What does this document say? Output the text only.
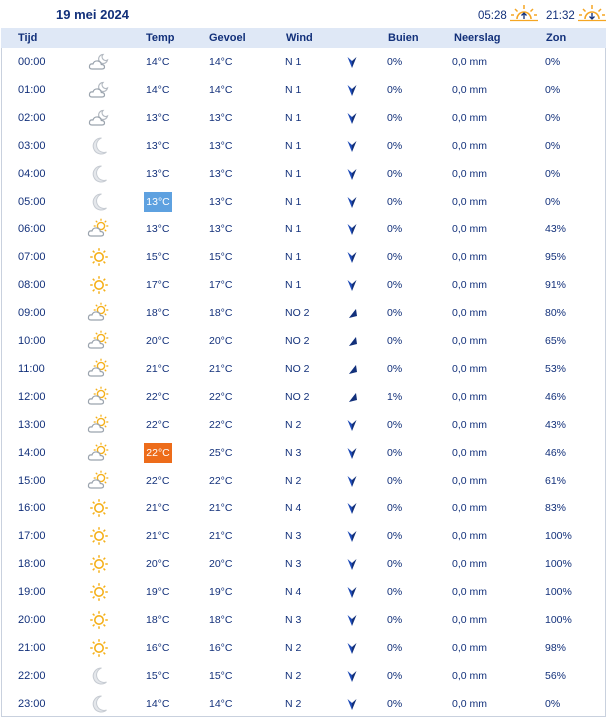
19 mei 2024	05:28	21:32
Tijd	Temp	Gevoel	Wind	Buien	Neerslag	Zon
00:00	14°C	14°C	N 1	0%	0,0 mm	0%
01:00	14°C	14°C	N 1	0%	0,0 mm	0%
02:00	13°C	13°C	N 1	0%	0,0 mm	0%
03:00	13°C	13°C	N 1	0%	0,0 mm	0%
04:00	13°C	13°C	N 1	0%	0,0 mm	0%
05:00	13°C	13°C	N 1	0%	0,0 mm	0%
06:00	13°C	13°C	N 1	0%	0,0 mm	43%
07:00	15°C	15°C	N 1	0%	0,0 mm	95%
08:00	17°C	17°C	N 1	0%	0,0 mm	91%
09:00	18°C	18°C	NO 2	0%	0,0 mm	80%
10:00	20°C	20°C	NO 2	0%	0,0 mm	65%
11:00	21°C	21°C	NO 2	0%	0,0 mm	53%
12:00	22°C	22°C	NO 2	1%	0,0 mm	46%
13:00	22°C	22°C	N 2	0%	0,0 mm	43%
14:00	22°C	25°C	N 3	0%	0,0 mm	46%
15:00	22°C	22°C	N 2	0%	0,0 mm	61%
16:00	21°C	21°C	N 4	0%	0,0 mm	83%
17:00	21°C	21°C	N 3	0%	0,0 mm	100%
18:00	20°C	20°C	N 3	0%	0,0 mm	100%
19:00	19°C	19°C	N 4	0%	0,0 mm	100%
20:00	18°C	18°C	N 3	0%	0,0 mm	100%
21:00	16°C	16°C	N 2	0%	0,0 mm	98%
22:00	15°C	15°C	N 2	0%	0,0 mm	56%
23:00	14°C	14°C	N 2	0%	0,0 mm	0%
